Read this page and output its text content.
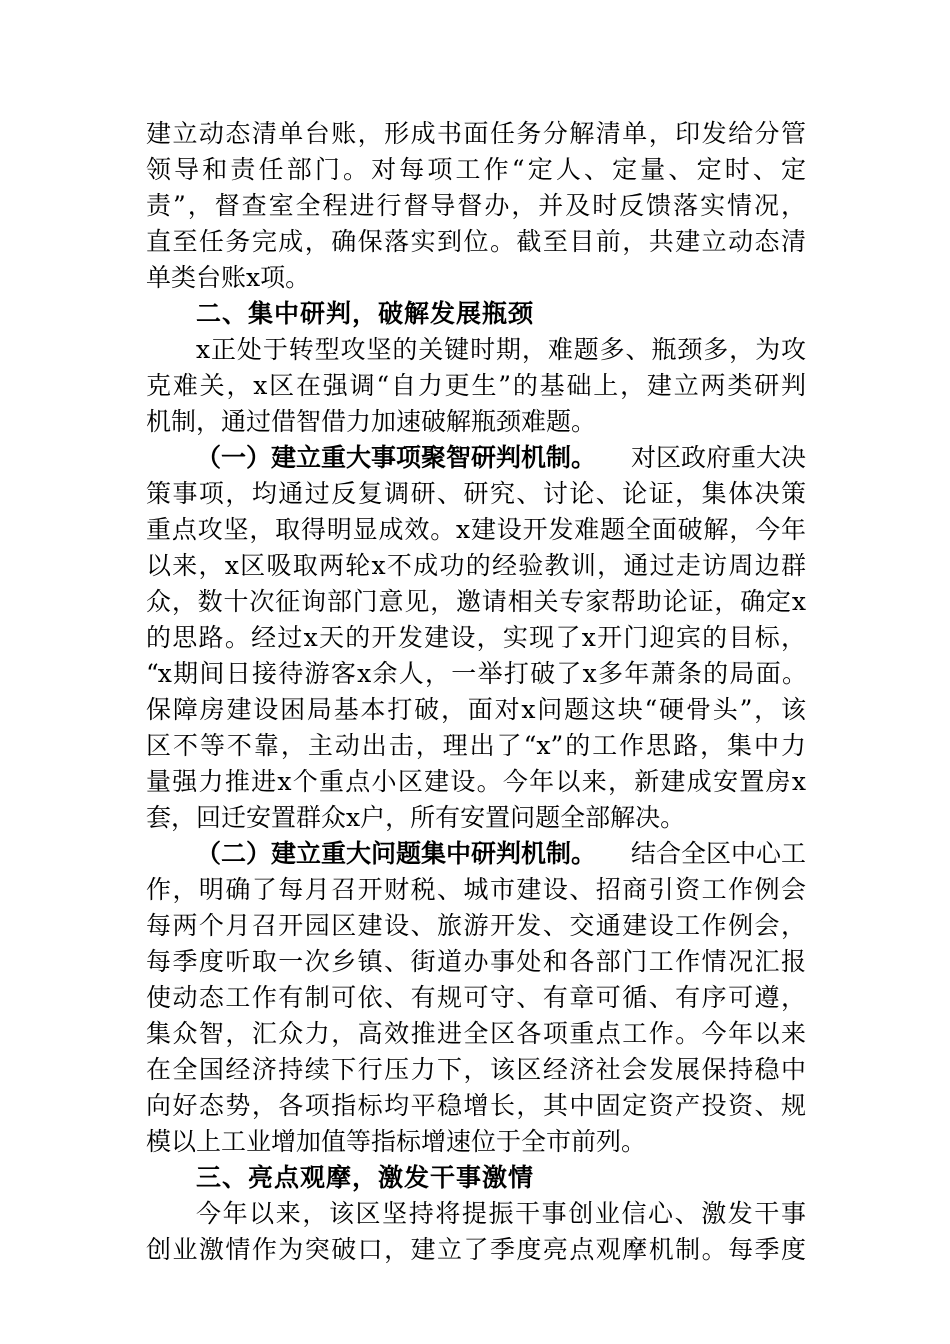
建立动态清单台账，形成书面任务分解清单，印发给分管
领导和责任部门。对每项工作“定人、定量、定时、定
责”，督查室全程进行督导督办，并及时反馈落实情况，
直至任务完成，确保落实到位。截至目前，共建立动态清
单类台账x项。
二、集中研判，破解发展瓶颈
x正处于转型攻坚的关键时期，难题多、瓶颈多，为攻
克难关，x区在强调“自力更生”的基础上，建立两类研判
机制，通过借智借力加速破解瓶颈难题。
（一）建立重大事项聚智研判机制。 对区政府重大决
策事项，均通过反复调研、研究、讨论、论证，集体决策
重点攻坚，取得明显成效。x建设开发难题全面破解，今年
以来，x区吸取两轮x不成功的经验教训，通过走访周边群
众，数十次征询部门意见，邀请相关专家帮助论证，确定x
的思路。经过x天的开发建设，实现了x开门迎宾的目标，
“x期间日接待游客x余人，一举打破了x多年萧条的局面。
保障房建设困局基本打破，面对x问题这块“硬骨头”，该
区不等不靠，主动出击，理出了“x”的工作思路，集中力
量强力推进x个重点小区建设。今年以来，新建成安置房x
套，回迁安置群众x户，所有安置问题全部解决。
（二）建立重大问题集中研判机制。 结合全区中心工
作，明确了每月召开财税、城市建设、招商引资工作例会
每两个月召开园区建设、旅游开发、交通建设工作例会，
每季度听取一次乡镇、街道办事处和各部门工作情况汇报
使动态工作有制可依、有规可守、有章可循、有序可遵，
集众智，汇众力，高效推进全区各项重点工作。今年以来
在全国经济持续下行压力下，该区经济社会发展保持稳中
向好态势，各项指标均平稳增长，其中固定资产投资、规
模以上工业增加值等指标增速位于全市前列。
三、亮点观摩，激发干事激情
今年以来，该区坚持将提振干事创业信心、激发干事
创业激情作为突破口，建立了季度亮点观摩机制。每季度
